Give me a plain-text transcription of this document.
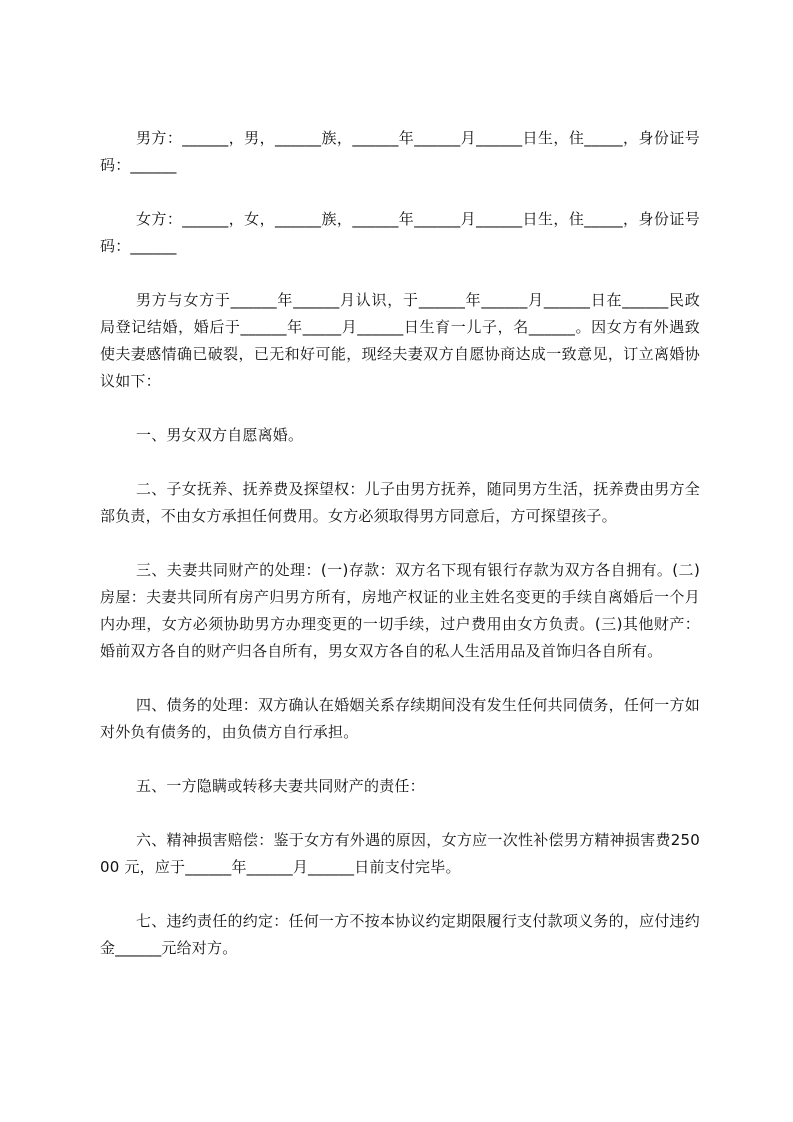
男方：______，男，______族，______年______月______日生，住_____，身份证号码：______

女方：______，女，______族，______年______月______日生，住_____，身份证号码：______

男方与女方于______年______月认识，于______年______月______日在______民政局登记结婚，婚后于______年_____月______日生育一儿子，名______。因女方有外遇致使夫妻感情确已破裂，已无和好可能，现经夫妻双方自愿协商达成一致意见，订立离婚协议如下：

一、男女双方自愿离婚。

二、子女抚养、抚养费及探望权：儿子由男方抚养，随同男方生活，抚养费由男方全部负责，不由女方承担任何费用。女方必须取得男方同意后，方可探望孩子。

三、夫妻共同财产的处理：(一)存款：双方名下现有银行存款为双方各自拥有。(二)房屋：夫妻共同所有房产归男方所有，房地产权证的业主姓名变更的手续自离婚后一个月内办理，女方必须协助男方办理变更的一切手续，过户费用由女方负责。(三)其他财产：婚前双方各自的财产归各自所有，男女双方各自的私人生活用品及首饰归各自所有。

四、债务的处理：双方确认在婚姻关系存续期间没有发生任何共同债务，任何一方如对外负有债务的，由负债方自行承担。

五、一方隐瞒或转移夫妻共同财产的责任：

六、精神损害赔偿：鉴于女方有外遇的原因，女方应一次性补偿男方精神损害费25000 元，应于______年______月______日前支付完毕。

七、违约责任的约定：任何一方不按本协议约定期限履行支付款项义务的，应付违约金______元给对方。
